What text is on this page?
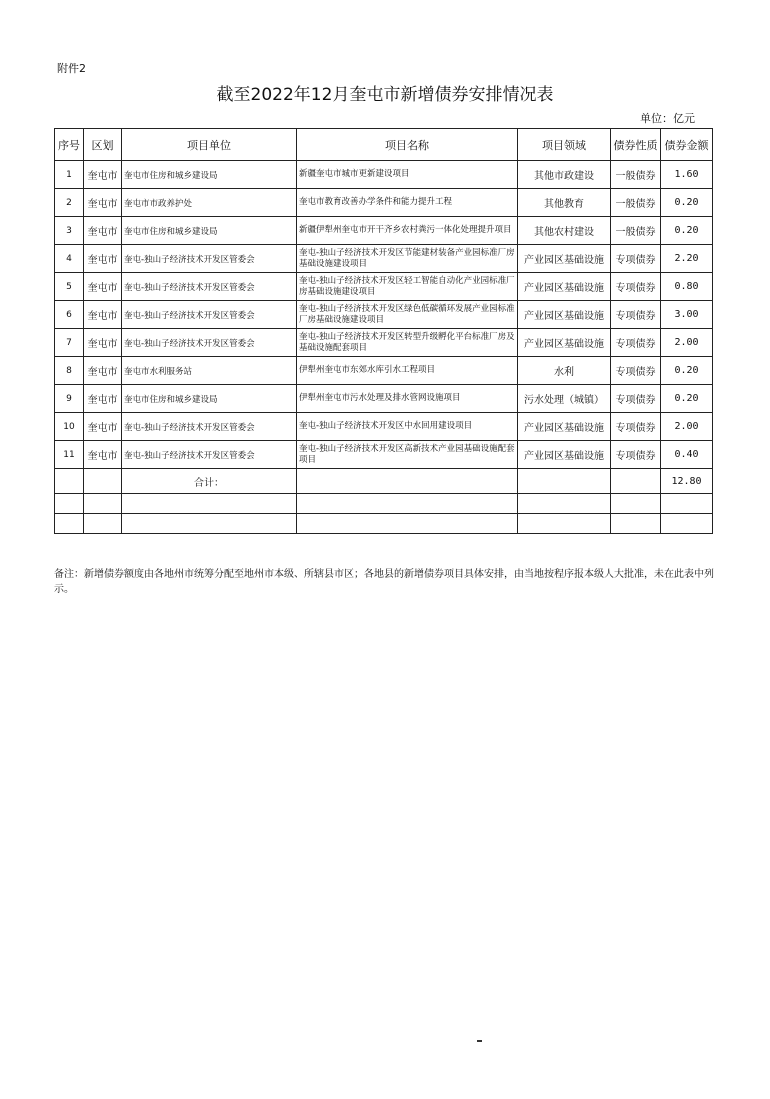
附件2
截至2022年12月奎屯市新增债券安排情况表
单位：亿元
序号	区划	项目单位	项目名称	项目领域	债券性质	债券金额
1	奎屯市	奎屯市住房和城乡建设局	新疆奎屯市城市更新建设项目	其他市政建设	一般债券	1.60
2	奎屯市	奎屯市市政养护处	奎屯市教育改善办学条件和能力提升工程	其他教育	一般债券	0.20
3	奎屯市	奎屯市住房和城乡建设局	新疆伊犁州奎屯市开干齐乡农村粪污一体化处理提升项目	其他农村建设	一般债券	0.20
4	奎屯市	奎屯-独山子经济技术开发区管委会	奎屯-独山子经济技术开发区节能建材装备产业园标准厂房基础设施建设项目	产业园区基础设施	专项债券	2.20
5	奎屯市	奎屯-独山子经济技术开发区管委会	奎屯-独山子经济技术开发区轻工智能自动化产业园标准厂房基础设施建设项目	产业园区基础设施	专项债券	0.80
6	奎屯市	奎屯-独山子经济技术开发区管委会	奎屯-独山子经济技术开发区绿色低碳循环发展产业园标准厂房基础设施建设项目	产业园区基础设施	专项债券	3.00
7	奎屯市	奎屯-独山子经济技术开发区管委会	奎屯-独山子经济技术开发区转型升级孵化平台标准厂房及基础设施配套项目	产业园区基础设施	专项债券	2.00
8	奎屯市	奎屯市水利服务站	伊犁州奎屯市东郊水库引水工程项目	水利	专项债券	0.20
9	奎屯市	奎屯市住房和城乡建设局	伊犁州奎屯市污水处理及排水管网设施项目	污水处理（城镇）	专项债券	0.20
10	奎屯市	奎屯-独山子经济技术开发区管委会	奎屯-独山子经济技术开发区中水回用建设项目	产业园区基础设施	专项债券	2.00
11	奎屯市	奎屯-独山子经济技术开发区管委会	奎屯-独山子经济技术开发区高新技术产业园基础设施配套项目	产业园区基础设施	专项债券	0.40
		合计：				12.80

备注：新增债券额度由各地州市统筹分配至地州市本级、所辖县市区；各地县的新增债券项目具体安排，由当地按程序报本级人大批准，未在此表中列示。
